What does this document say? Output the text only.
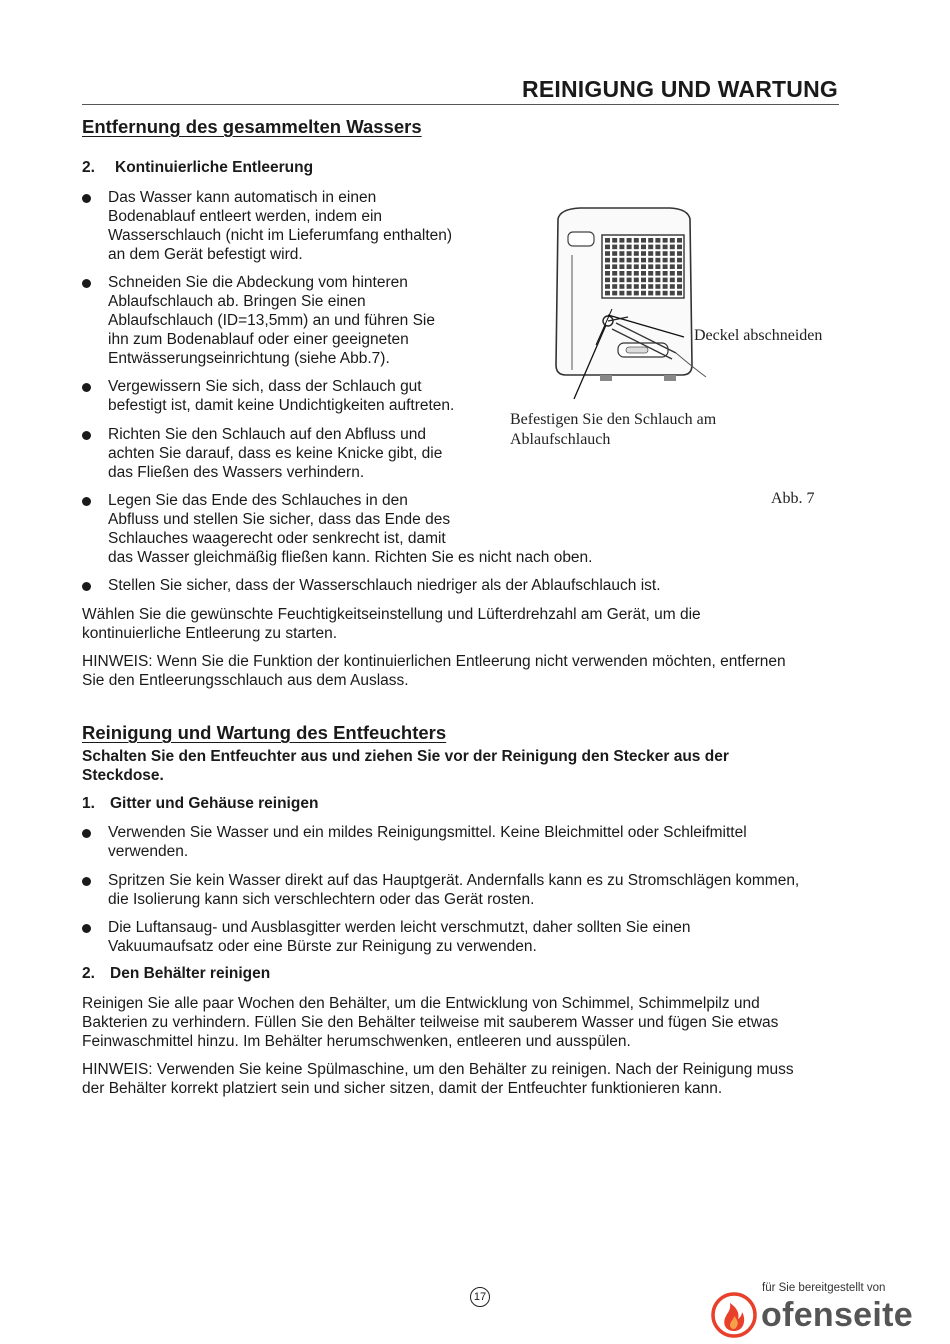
REINIGUNG UND WARTUNG
Entfernung des gesammelten Wassers
2. Kontinuierliche Entleerung
Das Wasser kann automatisch in einen
Bodenablauf entleert werden, indem ein
Wasserschlauch (nicht im Lieferumfang enthalten)
an dem Gerät befestigt wird.
Schneiden Sie die Abdeckung vom hinteren
Ablaufschlauch ab. Bringen Sie einen
Ablaufschlauch (ID=13,5mm) an und führen Sie
ihn zum Bodenablauf oder einer geeigneten
Entwässerungseinrichtung (siehe Abb.7).
Vergewissern Sie sich, dass der Schlauch gut
befestigt ist, damit keine Undichtigkeiten auftreten.
Richten Sie den Schlauch auf den Abfluss und
achten Sie darauf, dass es keine Knicke gibt, die
das Fließen des Wassers verhindern.
Legen Sie das Ende des Schlauches in den
Abfluss und stellen Sie sicher, dass das Ende des
Schlauches waagerecht oder senkrecht ist, damit
das Wasser gleichmäßig fließen kann. Richten Sie es nicht nach oben.
Stellen Sie sicher, dass der Wasserschlauch niedriger als der Ablaufschlauch ist.
Wählen Sie die gewünschte Feuchtigkeitseinstellung und Lüfterdrehzahl am Gerät, um die
kontinuierliche Entleerung zu starten.
HINWEIS: Wenn Sie die Funktion der kontinuierlichen Entleerung nicht verwenden möchten, entfernen
Sie den Entleerungsschlauch aus dem Auslass.
Deckel abschneiden
Befestigen Sie den Schlauch am
Ablaufschlauch
Abb. 7
Reinigung und Wartung des Entfeuchters
Schalten Sie den Entfeuchter aus und ziehen Sie vor der Reinigung den Stecker aus der
Steckdose.
1. Gitter und Gehäuse reinigen
Verwenden Sie Wasser und ein mildes Reinigungsmittel. Keine Bleichmittel oder Schleifmittel
verwenden.
Spritzen Sie kein Wasser direkt auf das Hauptgerät. Andernfalls kann es zu Stromschlägen kommen,
die Isolierung kann sich verschlechtern oder das Gerät rosten.
Die Luftansaug- und Ausblasgitter werden leicht verschmutzt, daher sollten Sie einen
Vakuumaufsatz oder eine Bürste zur Reinigung zu verwenden.
2. Den Behälter reinigen
Reinigen Sie alle paar Wochen den Behälter, um die Entwicklung von Schimmel, Schimmelpilz und
Bakterien zu verhindern. Füllen Sie den Behälter teilweise mit sauberem Wasser und fügen Sie etwas
Feinwaschmittel hinzu. Im Behälter herumschwenken, entleeren und ausspülen.
HINWEIS: Verwenden Sie keine Spülmaschine, um den Behälter zu reinigen. Nach der Reinigung muss
der Behälter korrekt platziert sein und sicher sitzen, damit der Entfeuchter funktionieren kann.
17
für Sie bereitgestellt von
ofenseite
